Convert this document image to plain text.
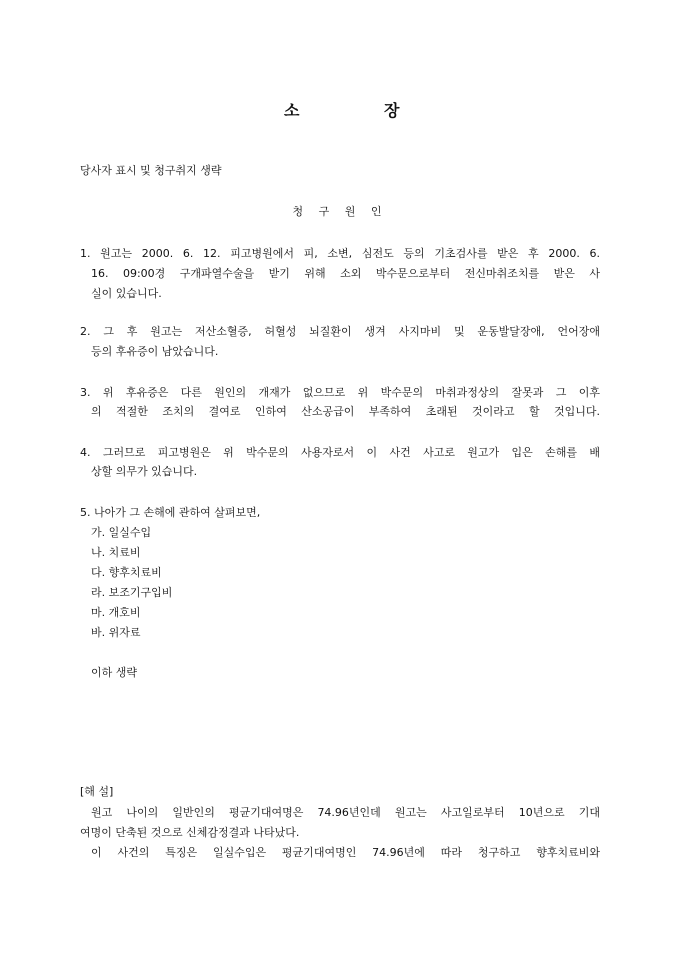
소	장
당사자 표시 및 청구취지 생략
청 구 원 인
1. 원고는 2000. 6. 12. 피고병원에서 피, 소변, 심전도 등의 기초검사를 받은 후 2000. 6.
16. 09:00경 구개파열수술을 받기 위해 소외 박수문으로부터 전신마취조치를 받은 사
실이 있습니다.
2. 그 후 원고는 저산소혈증, 허혈성 뇌질환이 생겨 사지마비 및 운동발달장애, 언어장애
등의 후유증이 남았습니다.
3. 위 후유증은 다른 원인의 개재가 없으므로 위 박수문의 마취과정상의 잘못과 그 이후
의 적절한 조치의 결여로 인하여 산소공급이 부족하여 초래된 것이라고 할 것입니다.
4. 그러므로 피고병원은 위 박수문의 사용자로서 이 사건 사고로 원고가 입은 손해를 배
상할 의무가 있습니다.
5. 나아가 그 손해에 관하여 살펴보면,
가. 일실수입
나. 치료비
다. 향후치료비
라. 보조기구입비
마. 개호비
바. 위자료
이하 생략
[해 설]
원고 나이의 일반인의 평균기대여명은 74.96년인데 원고는 사고일로부터 10년으로 기대
여명이 단축된 것으로 신체감정결과 나타났다.
이 사건의 특징은 일실수입은 평균기대여명인 74.96년에 따라 청구하고 향후치료비와
